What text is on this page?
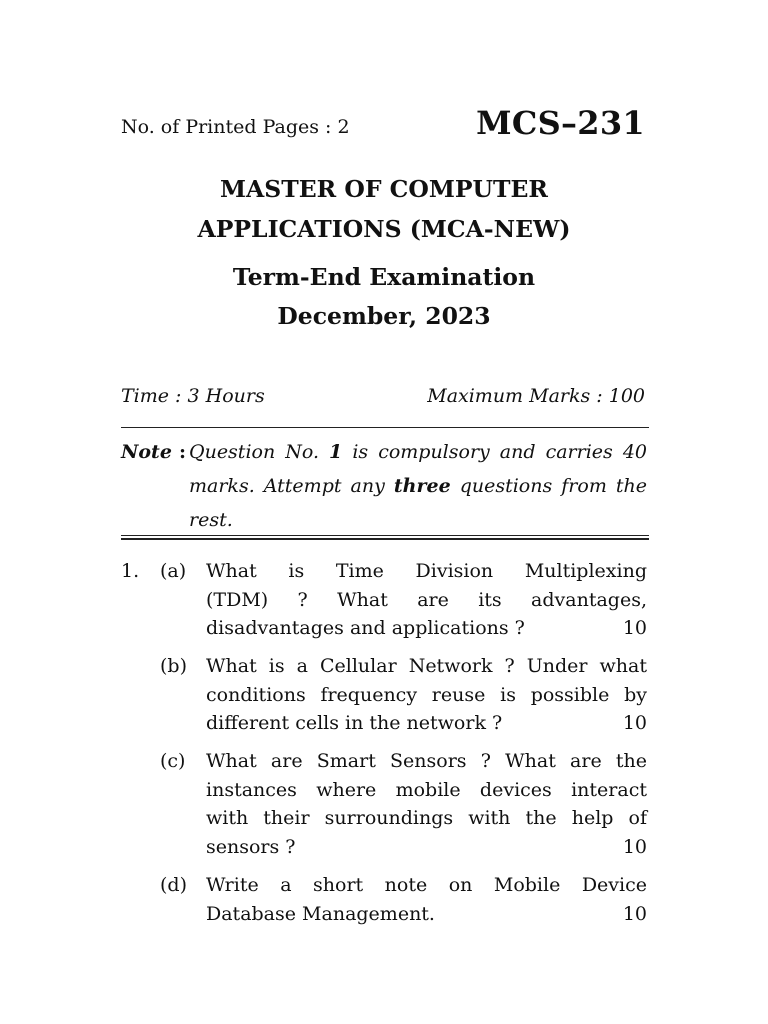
No. of Printed Pages : 2	MCS–231
MASTER OF COMPUTER
APPLICATIONS (MCA-NEW)
Term-End Examination
December, 2023
Time : 3 Hours	Maximum Marks : 100
Note : Question No. 1 is compulsory and carries 40 marks. Attempt any three questions from the rest.
1. (a) What is Time Division Multiplexing
(TDM) ? What are its advantages,
disadvantages and applications ?	10
(b) What is a Cellular Network ? Under what
conditions frequency reuse is possible by
different cells in the network ?	10
(c) What are Smart Sensors ? What are the
instances where mobile devices interact
with their surroundings with the help of
sensors ?	10
(d) Write a short note on Mobile Device
Database Management.	10
